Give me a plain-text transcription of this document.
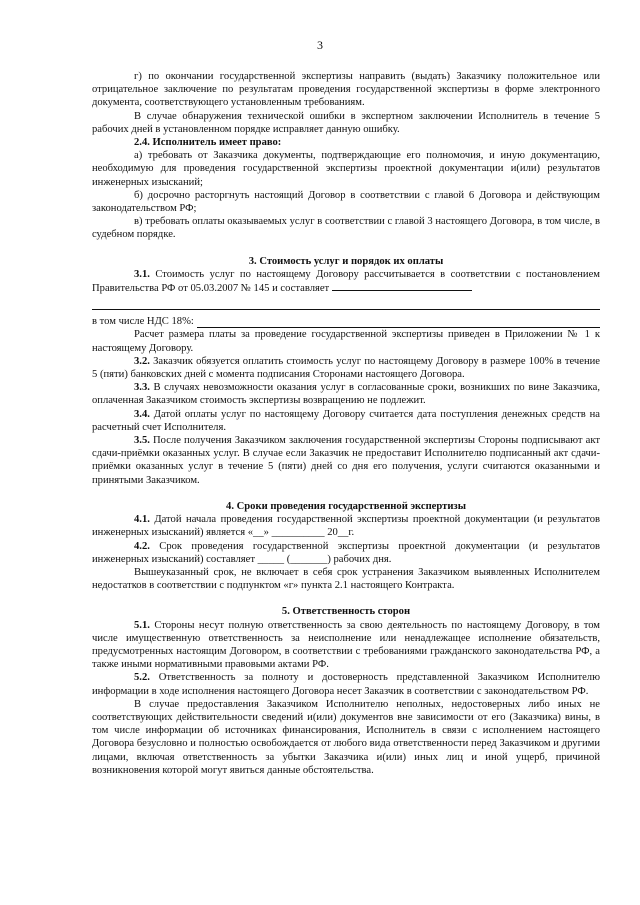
3

г) по окончании государственной экспертизы направить (выдать) Заказчику положительное или отрицательное заключение по результатам проведения государственной экспертизы в форме электронного документа, соответствующего установленным требованиям.

В случае обнаружения технической ошибки в экспертном заключении Исполнитель в течение 5 рабочих дней в установленном порядке исправляет данную ошибку.

2.4. Исполнитель имеет право:

а) требовать от Заказчика документы, подтверждающие его полномочия, и иную документацию, необходимую для проведения государственной экспертизы проектной документации и(или) результатов инженерных изысканий;

б) досрочно расторгнуть настоящий Договор в соответствии с главой 6 Договора и действующим законодательством РФ;

в) требовать оплаты оказываемых услуг в соответствии с главой 3 настоящего Договора, в том числе, в судебном порядке.

3. Стоимость услуг и порядок их оплаты

3.1. Стоимость услуг по настоящему Договору рассчитывается в соответствии с постановлением Правительства РФ от 05.03.2007 № 145 и составляет

в том числе НДС 18%:

Расчет размера платы за проведение государственной экспертизы приведен в Приложении № 1 к настоящему Договору.

3.2. Заказчик обязуется оплатить стоимость услуг по настоящему Договору в размере 100% в течение 5 (пяти) банковских дней с момента подписания Сторонами настоящего Договора.

3.3. В случаях невозможности оказания услуг в согласованные сроки, возникших по вине Заказчика, оплаченная Заказчиком стоимость экспертизы возвращению не подлежит.

3.4. Датой оплаты услуг по настоящему Договору считается дата поступления денежных средств на расчетный счет Исполнителя.

3.5. После получения Заказчиком заключения государственной экспертизы Стороны подписывают акт сдачи-приёмки оказанных услуг. В случае если Заказчик не предоставит Исполнителю подписанный акт сдачи-приёмки оказанных услуг в течение 5 (пяти) дней со дня его получения, услуги считаются оказанными и принятыми Заказчиком.

4. Сроки проведения государственной экспертизы

4.1. Датой начала проведения государственной экспертизы проектной документации (и результатов инженерных изысканий) является «__» __________ 20__г.

4.2. Срок проведения государственной экспертизы проектной документации (и результатов инженерных изысканий) составляет _____ (_______) рабочих дня.

Вышеуказанный срок, не включает в себя срок устранения Заказчиком выявленных Исполнителем недостатков в соответствии с подпунктом «г» пункта 2.1 настоящего Контракта.

5. Ответственность сторон

5.1. Стороны несут полную ответственность за свою деятельность по настоящему Договору, в том числе имущественную ответственность за неисполнение или ненадлежащее исполнение обязательств, предусмотренных настоящим Договором, в соответствии с требованиями гражданского законодательства РФ, а также иными нормативными правовыми актами РФ.

5.2. Ответственность за полноту и достоверность представленной Заказчиком Исполнителю информации в ходе исполнения настоящего Договора несет Заказчик в соответствии с законодательством РФ.

В случае предоставления Заказчиком Исполнителю неполных, недостоверных либо иных не соответствующих действительности сведений и(или) документов вне зависимости от его (Заказчика) вины, в том числе информации об источниках финансирования, Исполнитель в связи с исполнением настоящего Договора безусловно и полностью освобождается от любого вида ответственности перед Заказчиком и другими лицами, включая ответственность за убытки Заказчика и(или) иных лиц и иной ущерб, причиной возникновения которой могут явиться данные обстоятельства.
